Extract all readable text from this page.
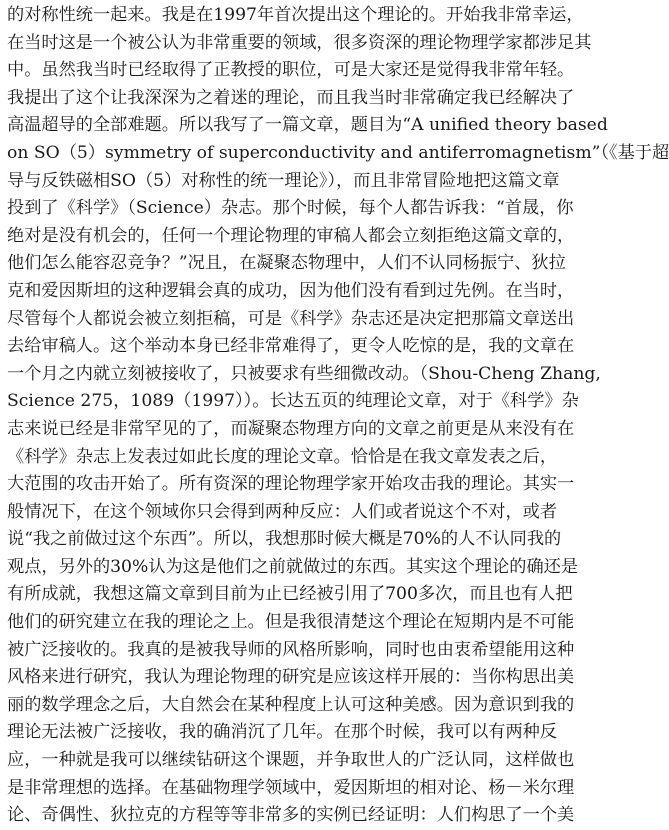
的对称性统一起来。我是在1997年首次提出这个理论的。开始我非常幸运，
在当时这是一个被公认为非常重要的领域，很多资深的理论物理学家都涉足其
中。虽然我当时已经取得了正教授的职位，可是大家还是觉得我非常年轻。
我提出了这个让我深深为之着迷的理论，而且我当时非常确定我已经解决了
高温超导的全部难题。所以我写了一篇文章，题目为“A unified theory based
on SO（5）symmetry of superconductivity and antiferromagnetism”（《基于超
导与反铁磁相SO（5）对称性的统一理论》），而且非常冒险地把这篇文章
投到了《科学》（Science）杂志。那个时候，每个人都告诉我：“首晟，你
绝对是没有机会的，任何一个理论物理的审稿人都会立刻拒绝这篇文章的，
他们怎么能容忍竞争？”况且，在凝聚态物理中，人们不认同杨振宁、狄拉
克和爱因斯坦的这种逻辑会真的成功，因为他们没有看到过先例。在当时，
尽管每个人都说会被立刻拒稿，可是《科学》杂志还是决定把那篇文章送出
去给审稿人。这个举动本身已经非常难得了，更令人吃惊的是，我的文章在
一个月之内就立刻被接收了，只被要求有些细微改动。（Shou-Cheng Zhang,
Science 275，1089（1997））。长达五页的纯理论文章，对于《科学》杂
志来说已经是非常罕见的了，而凝聚态物理方向的文章之前更是从来没有在
《科学》杂志上发表过如此长度的理论文章。恰恰是在我文章发表之后，
大范围的攻击开始了。所有资深的理论物理学家开始攻击我的理论。其实一
般情况下，在这个领域你只会得到两种反应：人们或者说这个不对，或者
说“我之前做过这个东西”。所以，我想那时候大概是70%的人不认同我的
观点，另外的30%认为这是他们之前就做过的东西。其实这个理论的确还是
有所成就，我想这篇文章到目前为止已经被引用了700多次，而且也有人把
他们的研究建立在我的理论之上。但是我很清楚这个理论在短期内是不可能
被广泛接收的。我真的是被我导师的风格所影响，同时也由衷希望能用这种
风格来进行研究，我认为理论物理的研究是应该这样开展的：当你构思出美
丽的数学理念之后，大自然会在某种程度上认可这种美感。因为意识到我的
理论无法被广泛接收，我的确消沉了几年。在那个时候，我可以有两种反
应，一种就是我可以继续钻研这个课题，并争取世人的广泛认同，这样做也
是非常理想的选择。在基础物理学领域中，爱因斯坦的相对论、杨－米尔理
论、奇偶性、狄拉克的方程等等非常多的实例已经证明：人们构思了一个美
